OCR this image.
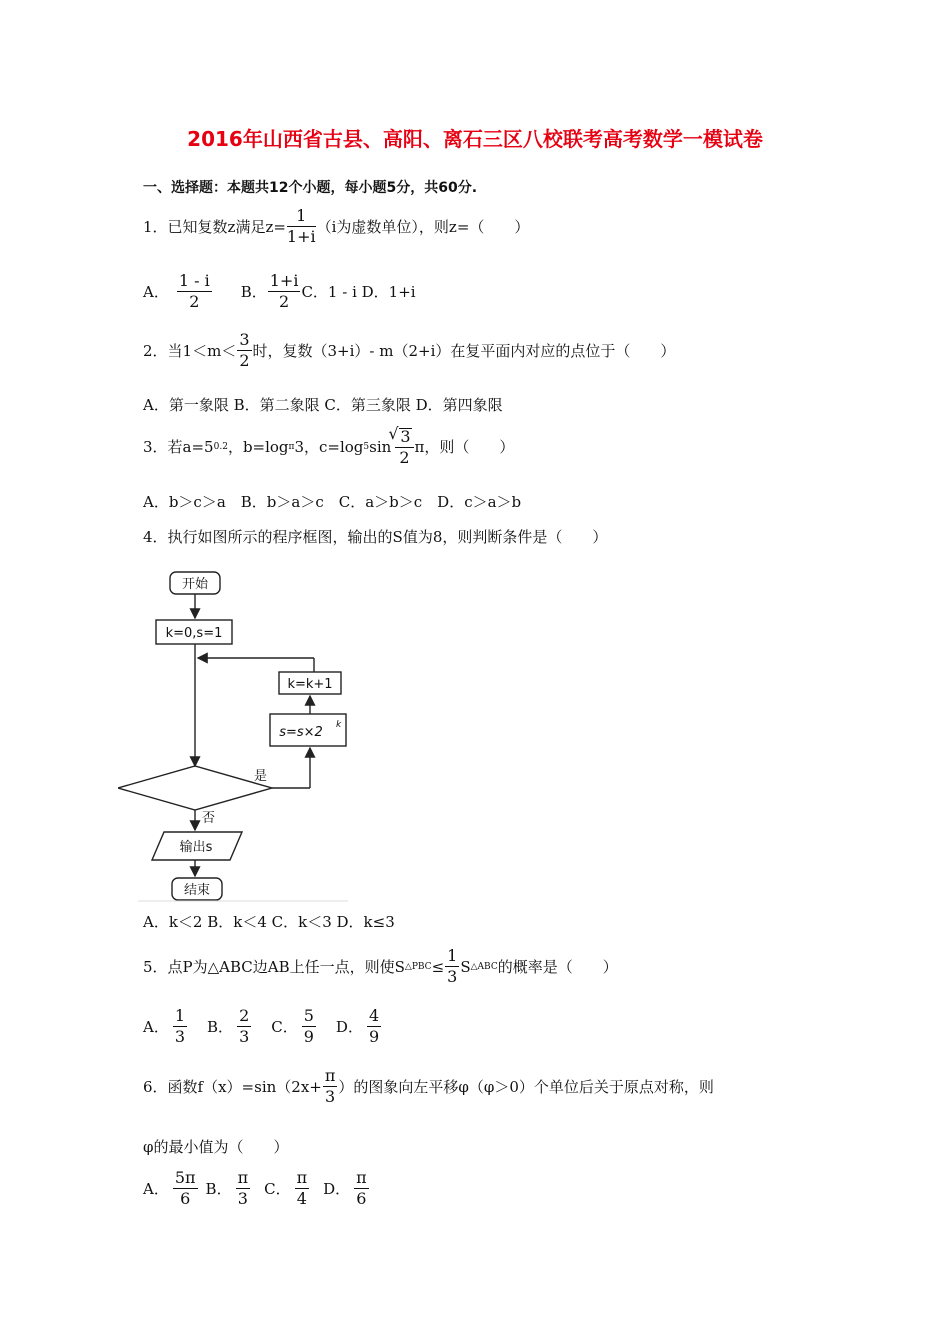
2016年山西省古县、高阳、离石三区八校联考高考数学一模试卷
一、选择题：本题共12个小题，每小题5分，共60分.
1．已知复数z满足$z= \frac{1}{1+i} (i$为虚数单位），则z=（　　）
A． $\frac{1 - i}{2}$ B． $\frac{1+i}{2}$ C．1 - i D．1+i
2．当$1<m< \frac{3}{2}$ 时，复数（3+i）- m（2+i）在复平面内对应的点位于（　　）
A．第一象限 B．第二象限 C．第三象限 D．第四象限
3．若a=5 0.2 ，b=log π 3，c=log 5 sin
√ $\frac{3}{2}$ π，则（　　）
A．b＞c＞a　B．b＞a＞c　C．a＞b＞c　D．c＞a＞b
4．执行如图所示的程序框图，输出的S值为8，则判断条件是（　　）
开始
k=0,s=1
k=k+1
s=s×2 k
是
否
输出s
结束
A．k＜2 B．k＜4 C．k＜3 D．k≤3
5．点P为△ABC边AB上任一点，则使S △PBC ≤ $\frac{1}{3}$ S △ABC 的概率是（　　）
A． $\frac{1}{3}$ B． $\frac{2}{3}$ C． $\frac{5}{9}$ D． $\frac{4}{9}$
6．函数$f(x)=\sin(2x+ \frac{\pi}{3}$ ）的图象向左平移φ（φ＞0）个单位后关于原点对称，则
φ的最小值为（　　）
A． $\frac{5\pi}{6}$ B． $\frac{\pi}{3}$ C． $\frac{\pi}{4}$ D． $\frac{\pi}{6}$
